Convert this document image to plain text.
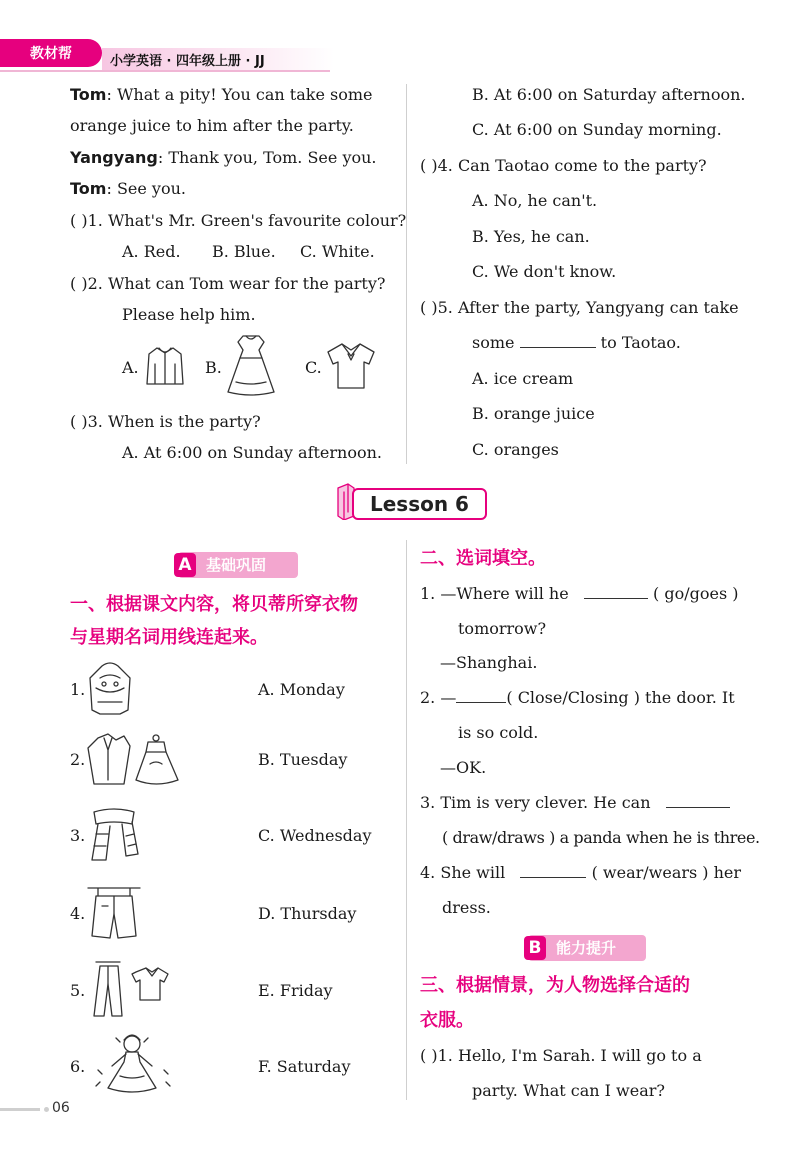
教材帮	小学英语 · 四年级上册 · JJ
Tom: What a pity! You can take some
orange juice to him after the party.
Yangyang: Thank you, Tom. See you.
Tom: See you.
( )1. What's Mr. Green's favourite colour?
A. Red. B. Blue. C. White.
( )2. What can Tom wear for the party?
Please help him.
A.	B.	C.
( )3. When is the party?
A. At 6:00 on Sunday afternoon.
B. At 6:00 on Saturday afternoon.
C. At 6:00 on Sunday morning.
( )4. Can Taotao come to the party?
A. No, he can't.
B. Yes, he can.
C. We don't know.
( )5. After the party, Yangyang can take
some	to Taotao.
A. ice cream
B. orange juice
C. oranges
Lesson 6
A 基础巩固
一、根据课文内容，将贝蒂所穿衣物
与星期名词用线连起来。
1.
2.
3.
4.
5.
6.
A. Monday
B. Tuesday
C. Wednesday
D. Thursday
E. Friday
F. Saturday
二、选词填空。
1. —Where will he	( go/goes )
tomorrow?
—Shanghai.
2. —	( Close/Closing ) the door. It
is so cold.
—OK.
3. Tim is very clever. He can
( draw/draws ) a panda when he is three.
4. She will	( wear/wears ) her
dress.
B 能力提升
三、根据情景，为人物选择合适的
衣服。
( )1. Hello, I'm Sarah. I will go to a
party. What can I wear?
06
